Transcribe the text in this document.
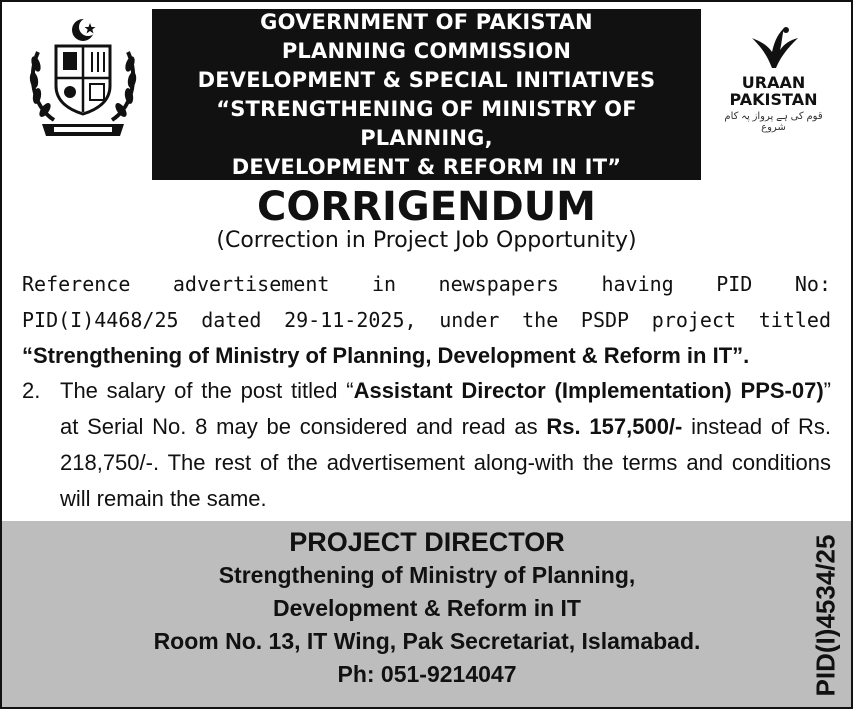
GOVERNMENT OF PAKISTAN
PLANNING COMMISSION
DEVELOPMENT & SPECIAL INITIATIVES
“STRENGTHENING OF MINISTRY OF PLANNING,
DEVELOPMENT & REFORM IN IT”
URAAN
PAKISTAN
قوم کی ہے پرواز پہ کام شروع
CORRIGENDUM
(Correction in Project Job Opportunity)
Reference advertisement in newspapers having PID No:
PID(I)4468/25 dated 29-11-2025, under the PSDP project titled
“Strengthening of Ministry of Planning, Development & Reform in IT”.
2. The salary of the post titled “Assistant Director (Implementation) PPS-07)” at Serial No. 8 may be considered and read as Rs. 157,500/- instead of Rs. 218,750/-. The rest of the advertisement along-with the terms and conditions will remain the same.
PROJECT DIRECTOR
Strengthening of Ministry of Planning,
Development & Reform in IT
Room No. 13, IT Wing, Pak Secretariat, Islamabad.
Ph: 051-9214047	PID(I)4534/25
